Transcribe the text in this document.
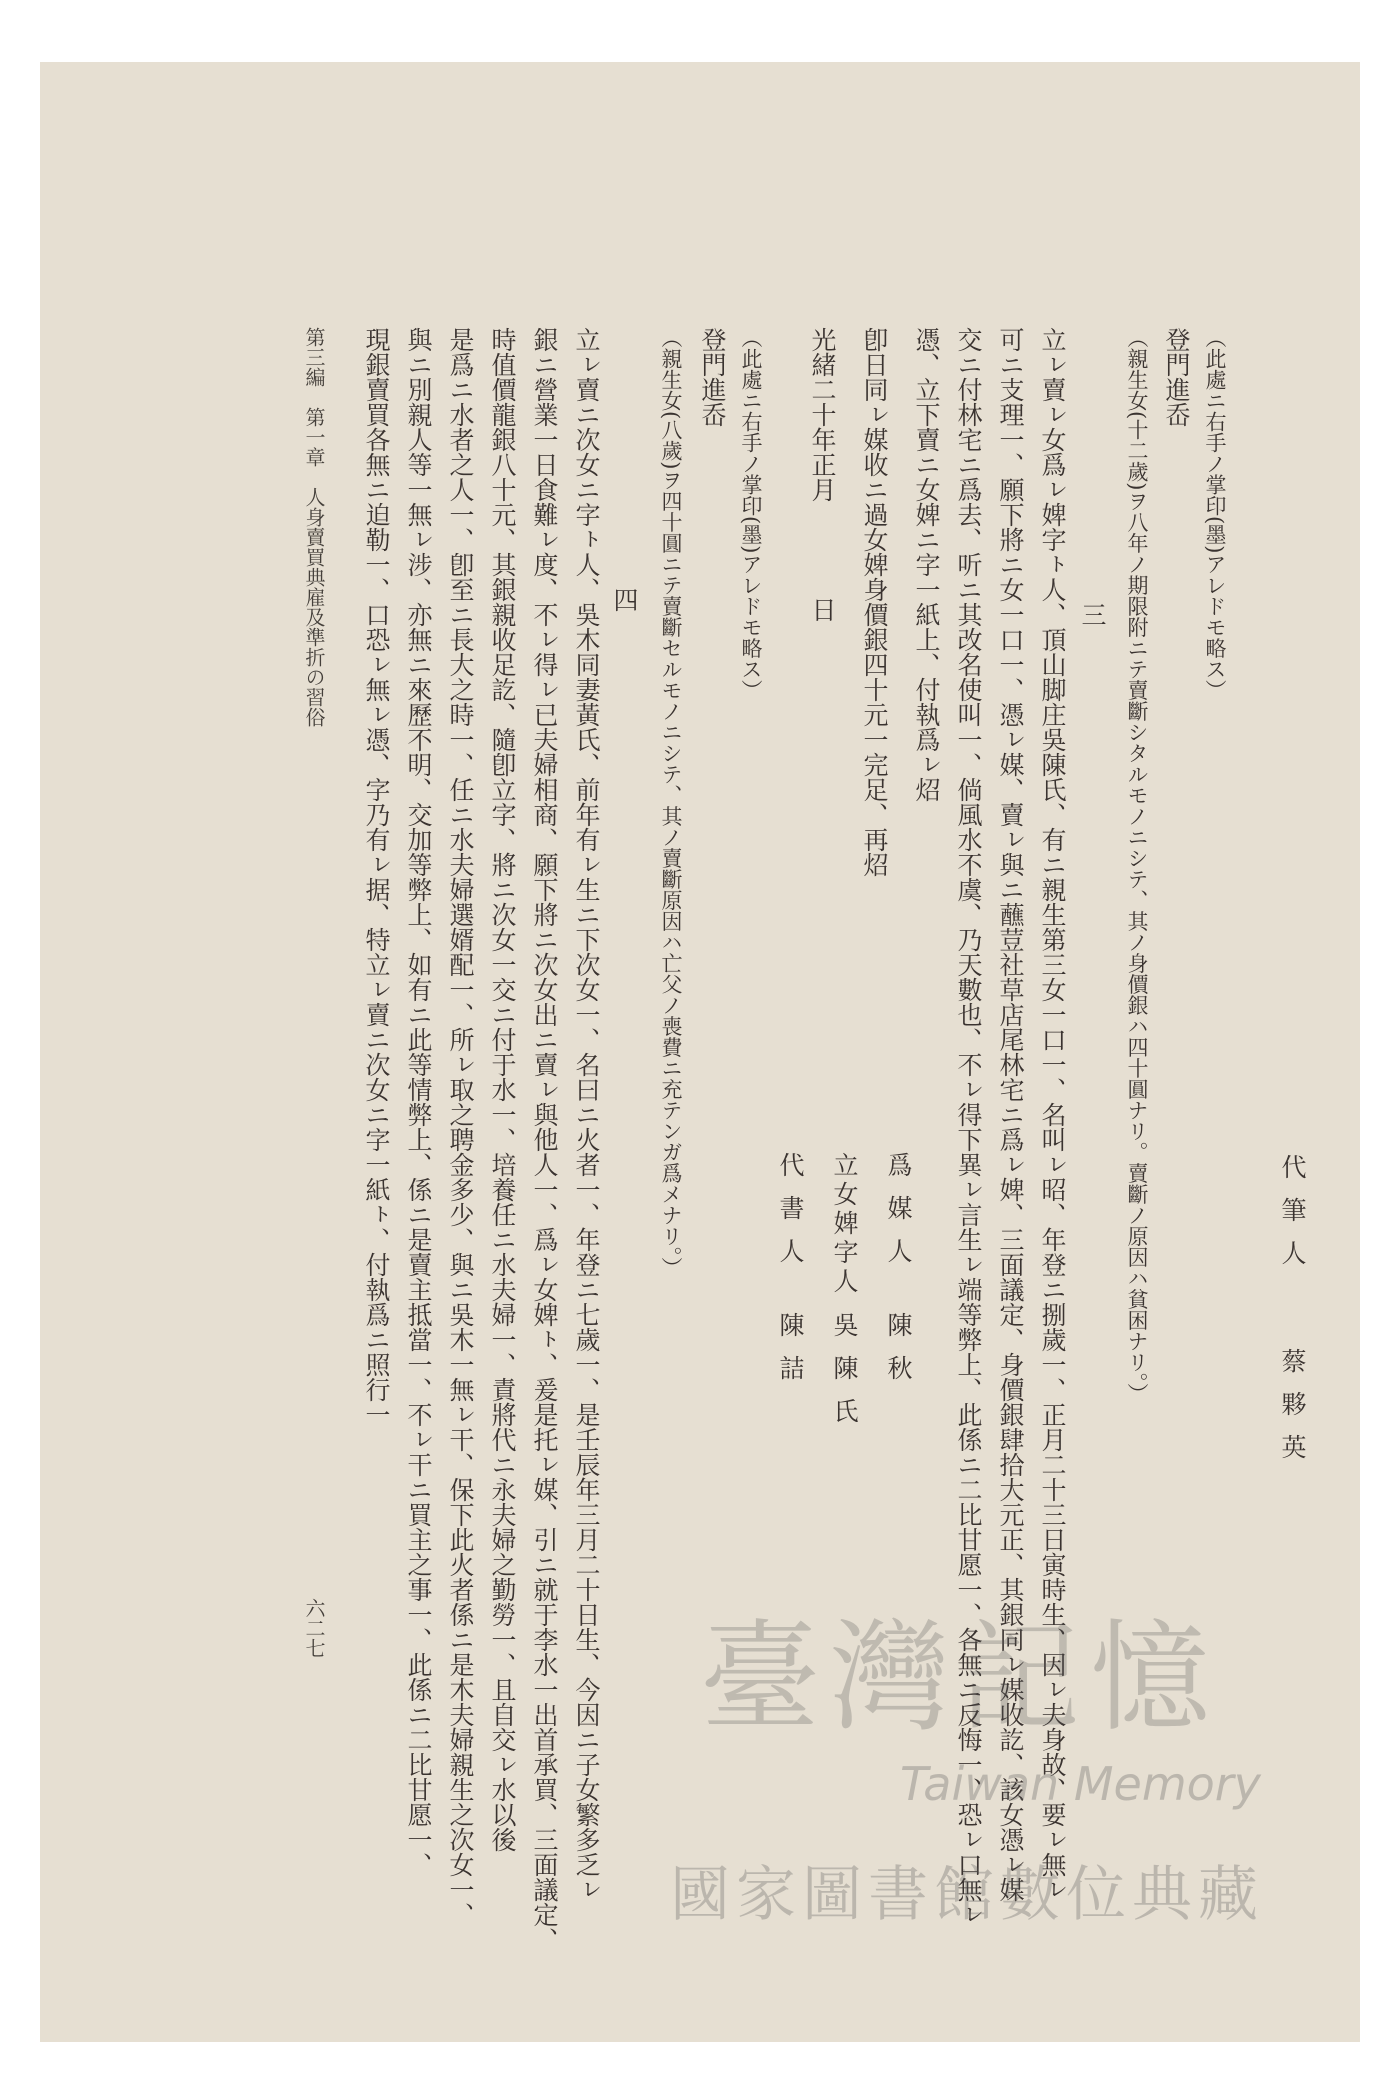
代筆人
蔡夥英
（此處ニ右手ノ掌印(墨)アレドモ略ス）
登門進岙
（親生女(十二歲)ヲ八年ノ期限附ニテ賣斷シタルモノニシテ、其ノ身價銀ハ四十圓ナリ。賣斷ノ原因ハ貧困ナリ。）
三
立ㇾ賣ㇾ女爲ㇾ婢字ㇳ人、頂山脚庄吳陳氏、有ニ親生第三女一口一、名叫ㇾ昭、年登ニ捌歲一、正月二十三日寅時生、因ㇾ夫身故、要ㇾ無ㇾ
可ニ支理一、願下將ニ女一口一、憑ㇾ媒、賣ㇾ與ニ蘸荳社草店尾林宅ニ爲ㇾ婢、三面議定、身價銀肆拾大元正、其銀同ㇾ媒收訖、該女憑ㇾ媒
交ニ付林宅ニ爲去、听ニ其改名使叫一、倘風水不虞、乃天數也、不ㇾ得下異ㇾ言生ㇾ端等弊上、此係ニ二比甘愿一、各無ニ反悔一、恐ㇾ口無ㇾ
憑、立下賣ニ女婢ニ字一紙上、付執爲ㇾ炤
卽日同ㇾ媒收ニ過女婢身價銀四十元一完足、再炤
光緒二十年正月
日
爲媒人
陳秋
立女婢字人
吳陳氏
代書人
陳詰
（此處ニ右手ノ掌印(墨)アレドモ略ス）
登門進岙
（親生女(八歲)ヲ四十圓ニテ賣斷セルモノニシテ、其ノ賣斷原因ハ亡父ノ喪費ニ充テンガ爲メナリ。）
四
立ㇾ賣ニ次女ニ字ㇳ人、吳木同妻黃氏、前年有ㇾ生ニ下次女一、名曰ニ火者一、年登ニ七歲一、是壬辰年三月二十日生、今因ニ子女繁多乏ㇾ
銀ニ營業一日食難ㇾ度、不ㇾ得ㇾ已夫婦相商、願下將ニ次女出ニ賣ㇾ與他人一、爲ㇾ女婢ㇳ、爰是托ㇾ媒、引ニ就于李水一出首承買、三面議定、
時值價龍銀八十元、其銀親收足訖、隨卽立字、將ニ次女一交ニ付于水一、培養任ニ水夫婦一、責將代ニ永夫婦之勤勞一、且自交ㇾ水以後
是爲ニ水者之人一、卽至ニ長大之時一、任ニ水夫婦選婿配一、所ㇾ取之聘金多少、與ニ吳木一無ㇾ干、保下此火者係ニ是木夫婦親生之次女一、
與ニ別親人等一無ㇾ涉、亦無ニ來歷不明、交加等弊上、如有ニ此等情弊上、係ニ是賣主抵當一、不ㇾ干ニ買主之事一、此係ニ二比甘愿一、
現銀賣買各無ニ迫勒一、口恐ㇾ無ㇾ憑、字乃有ㇾ据、特立ㇾ賣ニ次女ニ字一紙ㇳ、付執爲ニ照行一
第三編　第一章　人身賣買典雇及準折の習俗
六二七	臺灣記憶
Taiwan Memory
國家圖書館數位典藏
